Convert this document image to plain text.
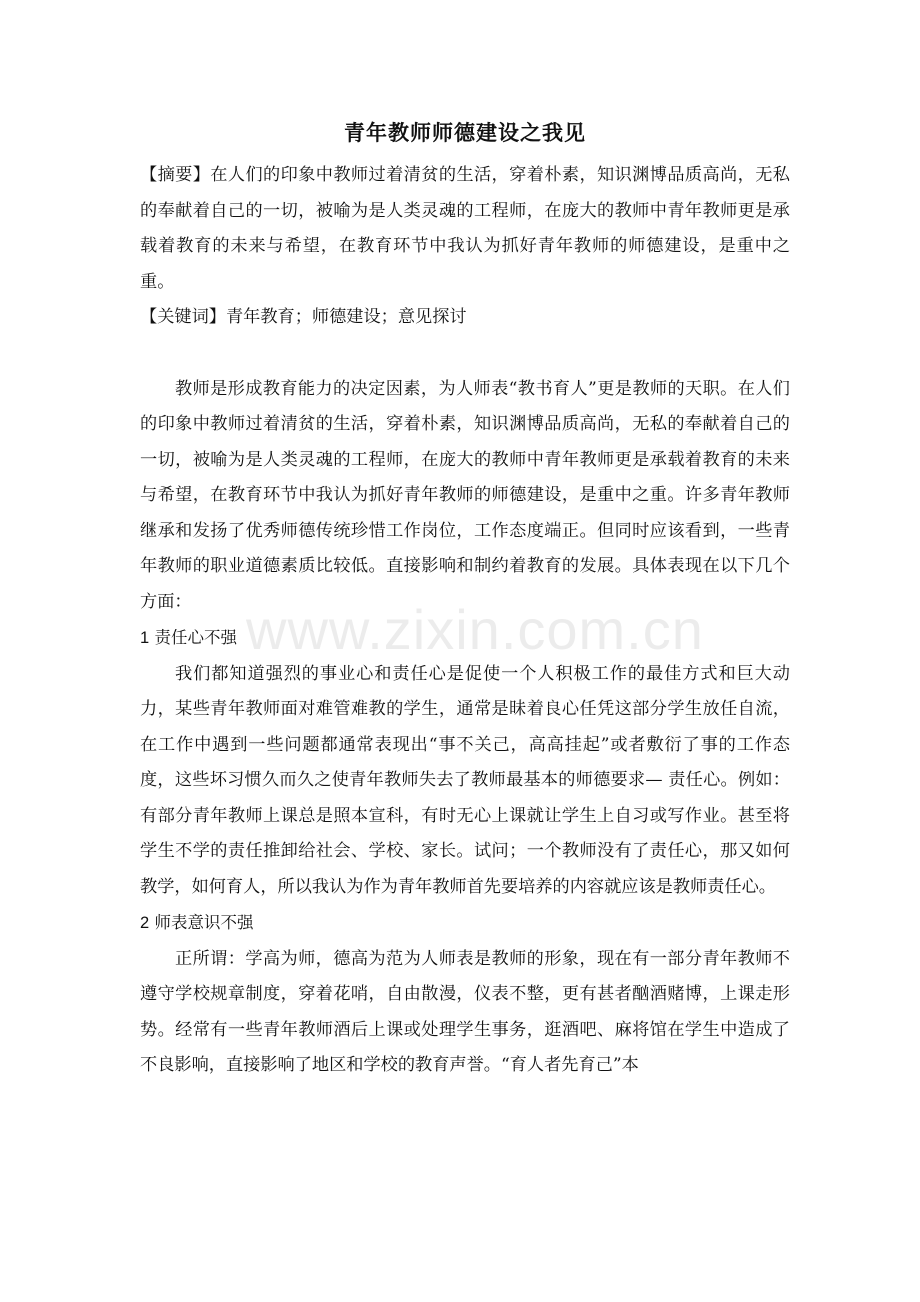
www.zixin.com.cn
青年教师师德建设之我见

【摘要】在人们的印象中教师过着清贫的生活，穿着朴素，知识渊博品质高尚，无私的奉献着自己的一切，被喻为是人类灵魂的工程师，在庞大的教师中青年教师更是承载着教育的未来与希望，在教育环节中我认为抓好青年教师的师德建设，是重中之重。

【关键词】青年教育；师德建设；意见探讨

教师是形成教育能力的决定因素，为人师表“教书育人”更是教师的天职。在人们的印象中教师过着清贫的生活，穿着朴素，知识渊博品质高尚，无私的奉献着自己的一切，被喻为是人类灵魂的工程师，在庞大的教师中青年教师更是承载着教育的未来与希望，在教育环节中我认为抓好青年教师的师德建设，是重中之重。许多青年教师继承和发扬了优秀师德传统珍惜工作岗位，工作态度端正。但同时应该看到，一些青年教师的职业道德素质比较低。直接影响和制约着教育的发展。具体表现在以下几个方面：

1 责任心不强

我们都知道强烈的事业心和责任心是促使一个人积极工作的最佳方式和巨大动力，某些青年教师面对难管难教的学生，通常是昧着良心任凭这部分学生放任自流，在工作中遇到一些问题都通常表现出“事不关己，高高挂起”或者敷衍了事的工作态度，这些坏习惯久而久之使青年教师失去了教师最基本的师德要求— 责任心。例如：有部分青年教师上课总是照本宣科，有时无心上课就让学生上自习或写作业。甚至将学生不学的责任推卸给社会、学校、家长。试问；一个教师没有了责任心，那又如何教学，如何育人，所以我认为作为青年教师首先要培养的内容就应该是教师责任心。

2 师表意识不强

正所谓：学高为师，德高为范为人师表是教师的形象，现在有一部分青年教师不遵守学校规章制度，穿着花哨，自由散漫，仪表不整，更有甚者酗酒赌博，上课走形势。经常有一些青年教师酒后上课或处理学生事务，逛酒吧、麻将馆在学生中造成了不良影响，直接影响了地区和学校的教育声誉。“育人者先育己”本
